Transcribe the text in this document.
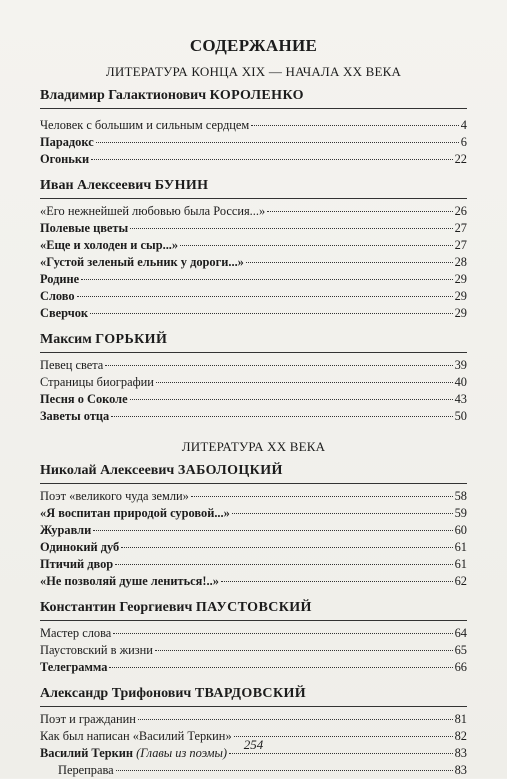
СОДЕРЖАНИЕ
ЛИТЕРАТУРА КОНЦА XIX — НАЧАЛА XX ВЕКА
Владимир Галактионович КОРОЛЕНКО
Человек с большим и сильным сердцем	4
Парадокс	6
Огоньки	22
Иван Алексеевич БУНИН
«Его нежнейшей любовью была Россия...»	26
Полевые цветы	27
«Еще и холоден и сыр...»	27
«Густой зеленый ельник у дороги...»	28
Родине	29
Слово	29
Сверчок	29
Максим ГОРЬКИЙ
Певец света	39
Страницы биографии	40
Песня о Соколе	43
Заветы отца	50
ЛИТЕРАТУРА XX ВЕКА
Николай Алексеевич ЗАБОЛОЦКИЙ
Поэт «великого чуда земли»	58
«Я воспитан природой суровой...»	59
Журавли	60
Одинокий дуб	61
Птичий двор	61
«Не позволяй душе лениться!..»	62
Константин Георгиевич ПАУСТОВСКИЙ
Мастер слова	64
Паустовский в жизни	65
Телеграмма	66
Александр Трифонович ТВАРДОВСКИЙ
Поэт и гражданин	81
Как был написан «Василий Теркин»	82
Василий Теркин (Главы из поэмы)	83
Переправа	83
254
